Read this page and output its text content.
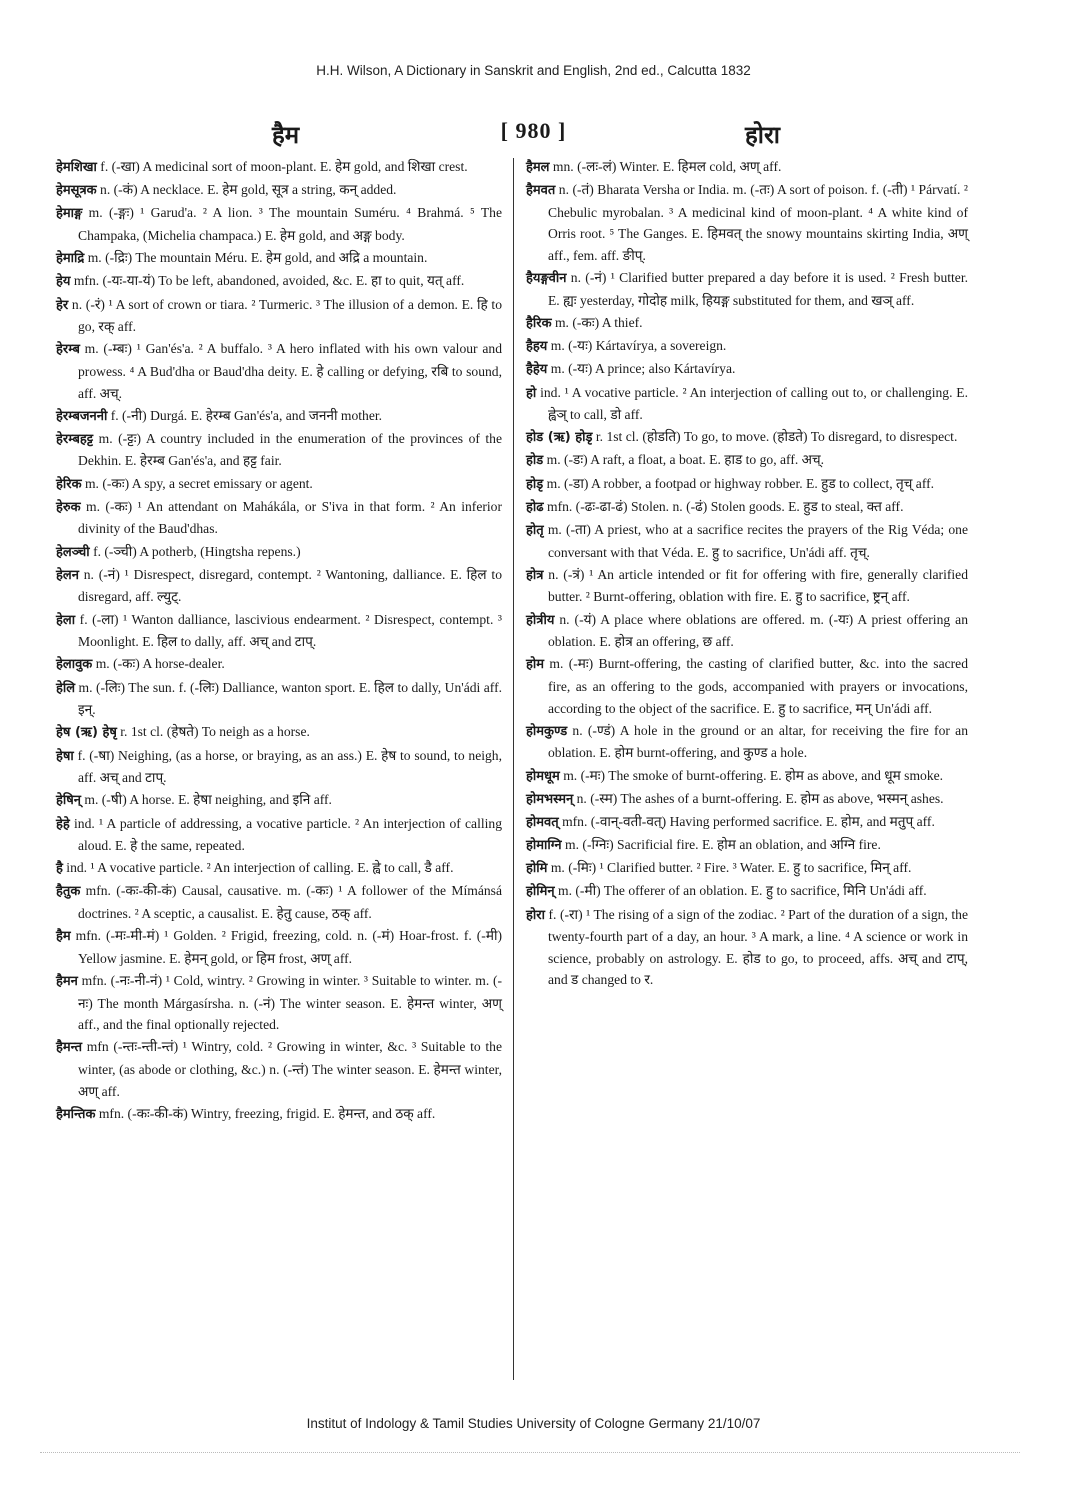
H.H. Wilson, A Dictionary in Sanskrit and English, 2nd ed., Calcutta 1832
हैम	[ 980 ]	होरा
हेमशिखा f. (-खा) A medicinal sort of moon-plant. E. हेम gold, and शिखा crest.
हेमसूत्रक n. (-कं) A necklace. E. हेम gold, सूत्र a string, कन् added.
हेमाङ्ग m. (-ङ्गः) ¹ Garud'a. ² A lion. ³ The mountain Suméru. ⁴ Brahmá. ⁵ The Champaka, (Michelia champaca.) E. हेम gold, and अङ्ग body.
हेमाद्रि m. (-द्रिः) The mountain Méru. E. हेम gold, and अद्रि a mountain.
हेय mfn. (-यः-या-यं) To be left, abandoned, avoided, &c. E. हा to quit, यत् aff.
हेर n. (-रं) ¹ A sort of crown or tiara. ² Turmeric. ³ The illusion of a demon. E. हि to go, रक् aff.
हेरम्ब m. (-म्बः) ¹ Gan'és'a. ² A buffalo. ³ A hero inflated with his own valour and prowess. ⁴ A Bud'dha or Baud'dha deity. E. हे calling or defying, रबि to sound, aff. अच्.
हेरम्बजननी f. (-नी) Durgá. E. हेरम्ब Gan'és'a, and जननी mother.
हेरम्बहट्ट m. (-ट्टः) A country included in the enumeration of the provinces of the Dekhin. E. हेरम्ब Gan'és'a, and हट्ट fair.
हेरिक m. (-कः) A spy, a secret emissary or agent.
हेरुक m. (-कः) ¹ An attendant on Mahákála, or S'iva in that form. ² An inferior divinity of the Baud'dhas.
हेलञ्ची f. (-ञ्ची) A potherb, (Hingtsha repens.)
हेलन n. (-नं) ¹ Disrespect, disregard, contempt. ² Wantoning, dalliance. E. हिल to disregard, aff. ल्युट्.
हेला f. (-ला) ¹ Wanton dalliance, lascivious endearment. ² Disrespect, contempt. ³ Moonlight. E. हिल to dally, aff. अच् and टाप्.
हेलावुक m. (-कः) A horse-dealer.
हेलि m. (-लिः) The sun. f. (-लिः) Dalliance, wanton sport. E. हिल to dally, Un'ádi aff. इन्.
हेष (ऋ) हेषृ r. 1st cl. (हेषते) To neigh as a horse.
हेषा f. (-षा) Neighing, (as a horse, or braying, as an ass.) E. हेष to sound, to neigh, aff. अच् and टाप्.
हेषिन् m. (-षी) A horse. E. हेषा neighing, and इनि aff.
हेहे ind. ¹ A particle of addressing, a vocative particle. ² An interjection of calling aloud. E. हे the same, repeated.
है ind. ¹ A vocative particle. ² An interjection of calling. E. ह्वे to call, डै aff.
हैतुक mfn. (-कः-की-कं) Causal, causative. m. (-कः) ¹ A follower of the Mímánsá doctrines. ² A sceptic, a causalist. E. हेतु cause, ठक् aff.
हैम mfn. (-मः-मी-मं) ¹ Golden. ² Frigid, freezing, cold. n. (-मं) Hoar-frost. f. (-मी) Yellow jasmine. E. हेमन् gold, or हिम frost, अण् aff.
हैमन mfn. (-नः-नी-नं) ¹ Cold, wintry. ² Growing in winter. ³ Suitable to winter. m. (-नः) The month Márgasírsha. n. (-नं) The winter season. E. हेमन्त winter, अण् aff., and the final optionally rejected.
हैमन्त mfn (-न्तः-न्ती-न्तं) ¹ Wintry, cold. ² Growing in winter, &c. ³ Suitable to the winter, (as abode or clothing, &c.) n. (-न्तं) The winter season. E. हेमन्त winter, अण् aff.
हैमन्तिक mfn. (-कः-की-कं) Wintry, freezing, frigid. E. हेमन्त, and ठक् aff.
हैमल mn. (-लः-लं) Winter. E. हिमल cold, अण् aff.
हैमवत n. (-तं) Bharata Versha or India. m. (-तः) A sort of poison. f. (-ती) ¹ Párvatí. ² Chebulic myrobalan. ³ A medicinal kind of moon-plant. ⁴ A white kind of Orris root. ⁵ The Ganges. E. हिमवत् the snowy mountains skirting India, अण् aff., fem. aff. ङीप्.
हैयङ्गवीन n. (-नं) ¹ Clarified butter prepared a day before it is used. ² Fresh butter. E. ह्यः yesterday, गोदोह milk, हियङ्ग substituted for them, and खञ् aff.
हैरिक m. (-कः) A thief.
हैहय m. (-यः) Kártavírya, a sovereign.
हैहेय m. (-यः) A prince; also Kártavírya.
हो ind. ¹ A vocative particle. ² An interjection of calling out to, or challenging. E. ह्वेञ् to call, डो aff.
होड (ऋ) होडृ r. 1st cl. (होडति) To go, to move. (होडते) To disregard, to disrespect.
होड m. (-डः) A raft, a float, a boat. E. हाड to go, aff. अच्.
होडृ m. (-डा) A robber, a footpad or highway robber. E. हुड to collect, तृच् aff.
होढ mfn. (-ढः-ढा-ढं) Stolen. n. (-ढं) Stolen goods. E. हुड to steal, क्त aff.
होतृ m. (-ता) A priest, who at a sacrifice recites the prayers of the Rig Véda; one conversant with that Véda. E. हु to sacrifice, Un'ádi aff. तृच्.
होत्र n. (-त्रं) ¹ An article intended or fit for offering with fire, generally clarified butter. ² Burnt-offering, oblation with fire. E. हु to sacrifice, ष्ट्रन् aff.
होत्रीय n. (-यं) A place where oblations are offered. m. (-यः) A priest offering an oblation. E. होत्र an offering, छ aff.
होम m. (-मः) Burnt-offering, the casting of clarified butter, &c. into the sacred fire, as an offering to the gods, accompanied with prayers or invocations, according to the object of the sacrifice. E. हु to sacrifice, मन् Un'ádi aff.
होमकुण्ड n. (-ण्डं) A hole in the ground or an altar, for receiving the fire for an oblation. E. होम burnt-offering, and कुण्ड a hole.
होमधूम m. (-मः) The smoke of burnt-offering. E. होम as above, and धूम smoke.
होमभस्मन् n. (-स्म) The ashes of a burnt-offering. E. होम as above, भस्मन् ashes.
होमवत् mfn. (-वान्-वती-वत्) Having performed sacrifice. E. होम, and मतुप् aff.
होमाग्नि m. (-ग्निः) Sacrificial fire. E. होम an oblation, and अग्नि fire.
होमि m. (-मिः) ¹ Clarified butter. ² Fire. ³ Water. E. हु to sacrifice, मिन् aff.
होमिन् m. (-मी) The offerer of an oblation. E. हु to sacrifice, मिनि Un'ádi aff.
होरा f. (-रा) ¹ The rising of a sign of the zodiac. ² Part of the duration of a sign, the twenty-fourth part of a day, an hour. ³ A mark, a line. ⁴ A science or work in science, probably on astrology. E. होड to go, to proceed, affs. अच् and टाप्, and ड changed to र.
Institut of Indology & Tamil Studies University of Cologne Germany 21/10/07
